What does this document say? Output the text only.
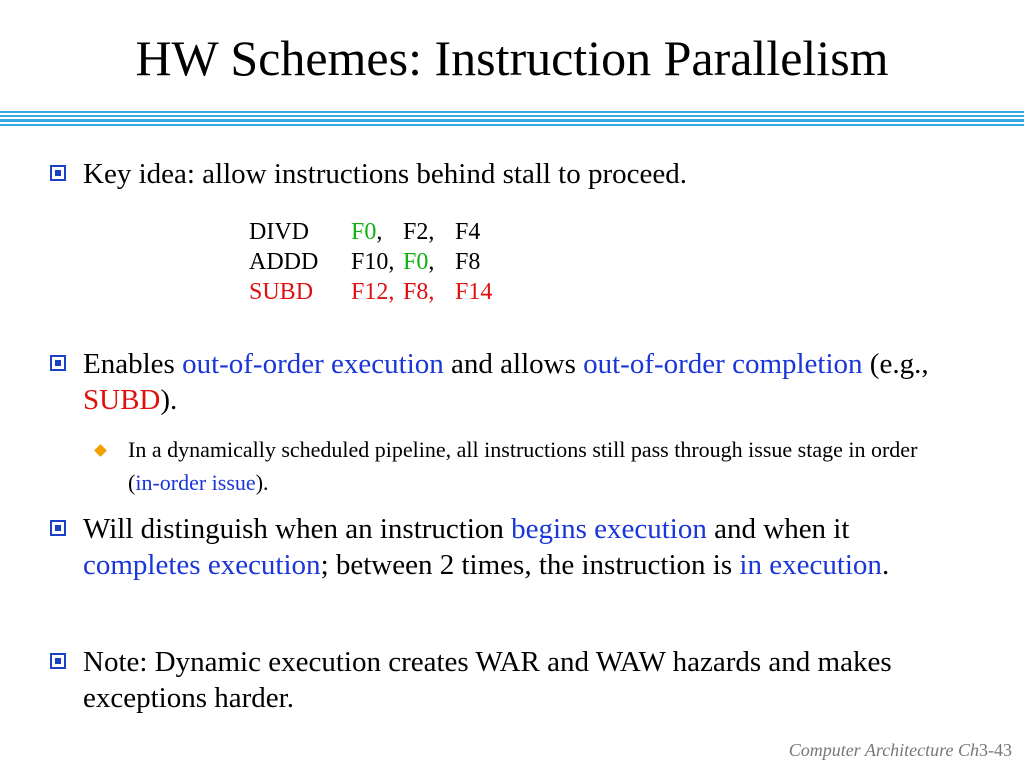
HW Schemes: Instruction Parallelism
Key idea: allow instructions behind stall to proceed.
DIVD F0, F2, F4
ADDD F10, F0, F8
SUBD F12, F8, F14
Enables out-of-order execution and allows out-of-order completion (e.g., SUBD).
In a dynamically scheduled pipeline, all instructions still pass through issue stage in order (in-order issue).
Will distinguish when an instruction begins execution and when it completes execution; between 2 times, the instruction is in execution.
Note: Dynamic execution creates WAR and WAW hazards and makes exceptions harder.
Computer Architecture Ch3-43
